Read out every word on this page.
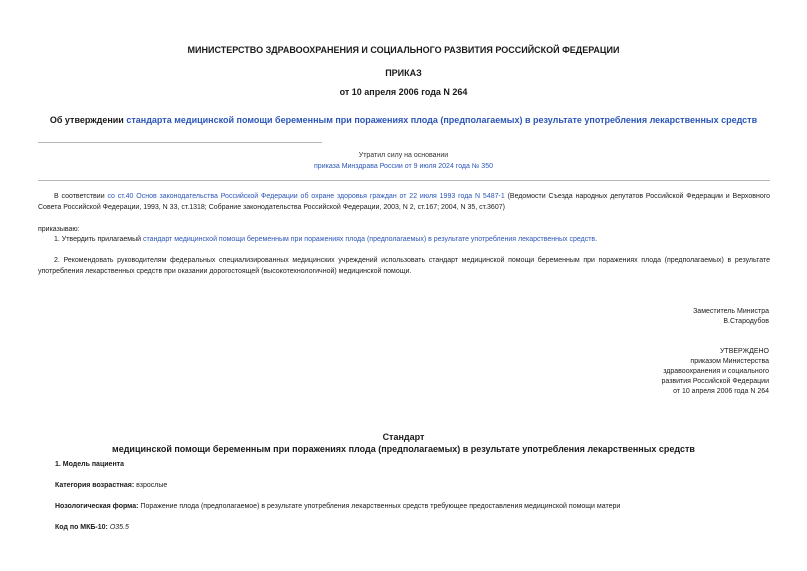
МИНИСТЕРСТВО ЗДРАВООХРАНЕНИЯ И СОЦИАЛЬНОГО РАЗВИТИЯ РОССИЙСКОЙ ФЕДЕРАЦИИ
ПРИКАЗ
от 10 апреля 2006 года N 264
Об утверждении стандарта медицинской помощи беременным при поражениях плода (предполагаемых) в результате употребления лекарственных средств
Утратил силу на основании
приказа Минздрава России от 9 июля 2024 года № 350
В соответствии со ст.40 Основ законодательства Российской Федерации об охране здоровья граждан от 22 июля 1993 года N 5487-1 (Ведомости Съезда народных депутатов Российской Федерации и Верховного Совета Российской Федерации, 1993, N 33, ст.1318; Собрание законодательства Российской Федерации, 2003, N 2, ст.167; 2004, N 35, ст.3607)
приказываю:
1. Утвердить прилагаемый стандарт медицинской помощи беременным при поражениях плода (предполагаемых) в результате употребления лекарственных средств.
2. Рекомендовать руководителям федеральных специализированных медицинских учреждений использовать стандарт медицинской помощи беременным при поражениях плода (предполагаемых) в результате употребления лекарственных средств при оказании дорогостоящей (высокотехнологичной) медицинской помощи.
Заместитель Министра
В.Стародубов
УТВЕРЖДЕНО
приказом Министерства
здравоохранения и социального
развития Российской Федерации
от 10 апреля 2006 года N 264
Стандарт
медицинской помощи беременным при поражениях плода (предполагаемых) в результате употребления лекарственных средств
1. Модель пациента
Категория возрастная: взрослые
Нозологическая форма: Поражение плода (предполагаемое) в результате употребления лекарственных средств требующее предоставления медицинской помощи матери
Код по МКБ-10: O35.5
